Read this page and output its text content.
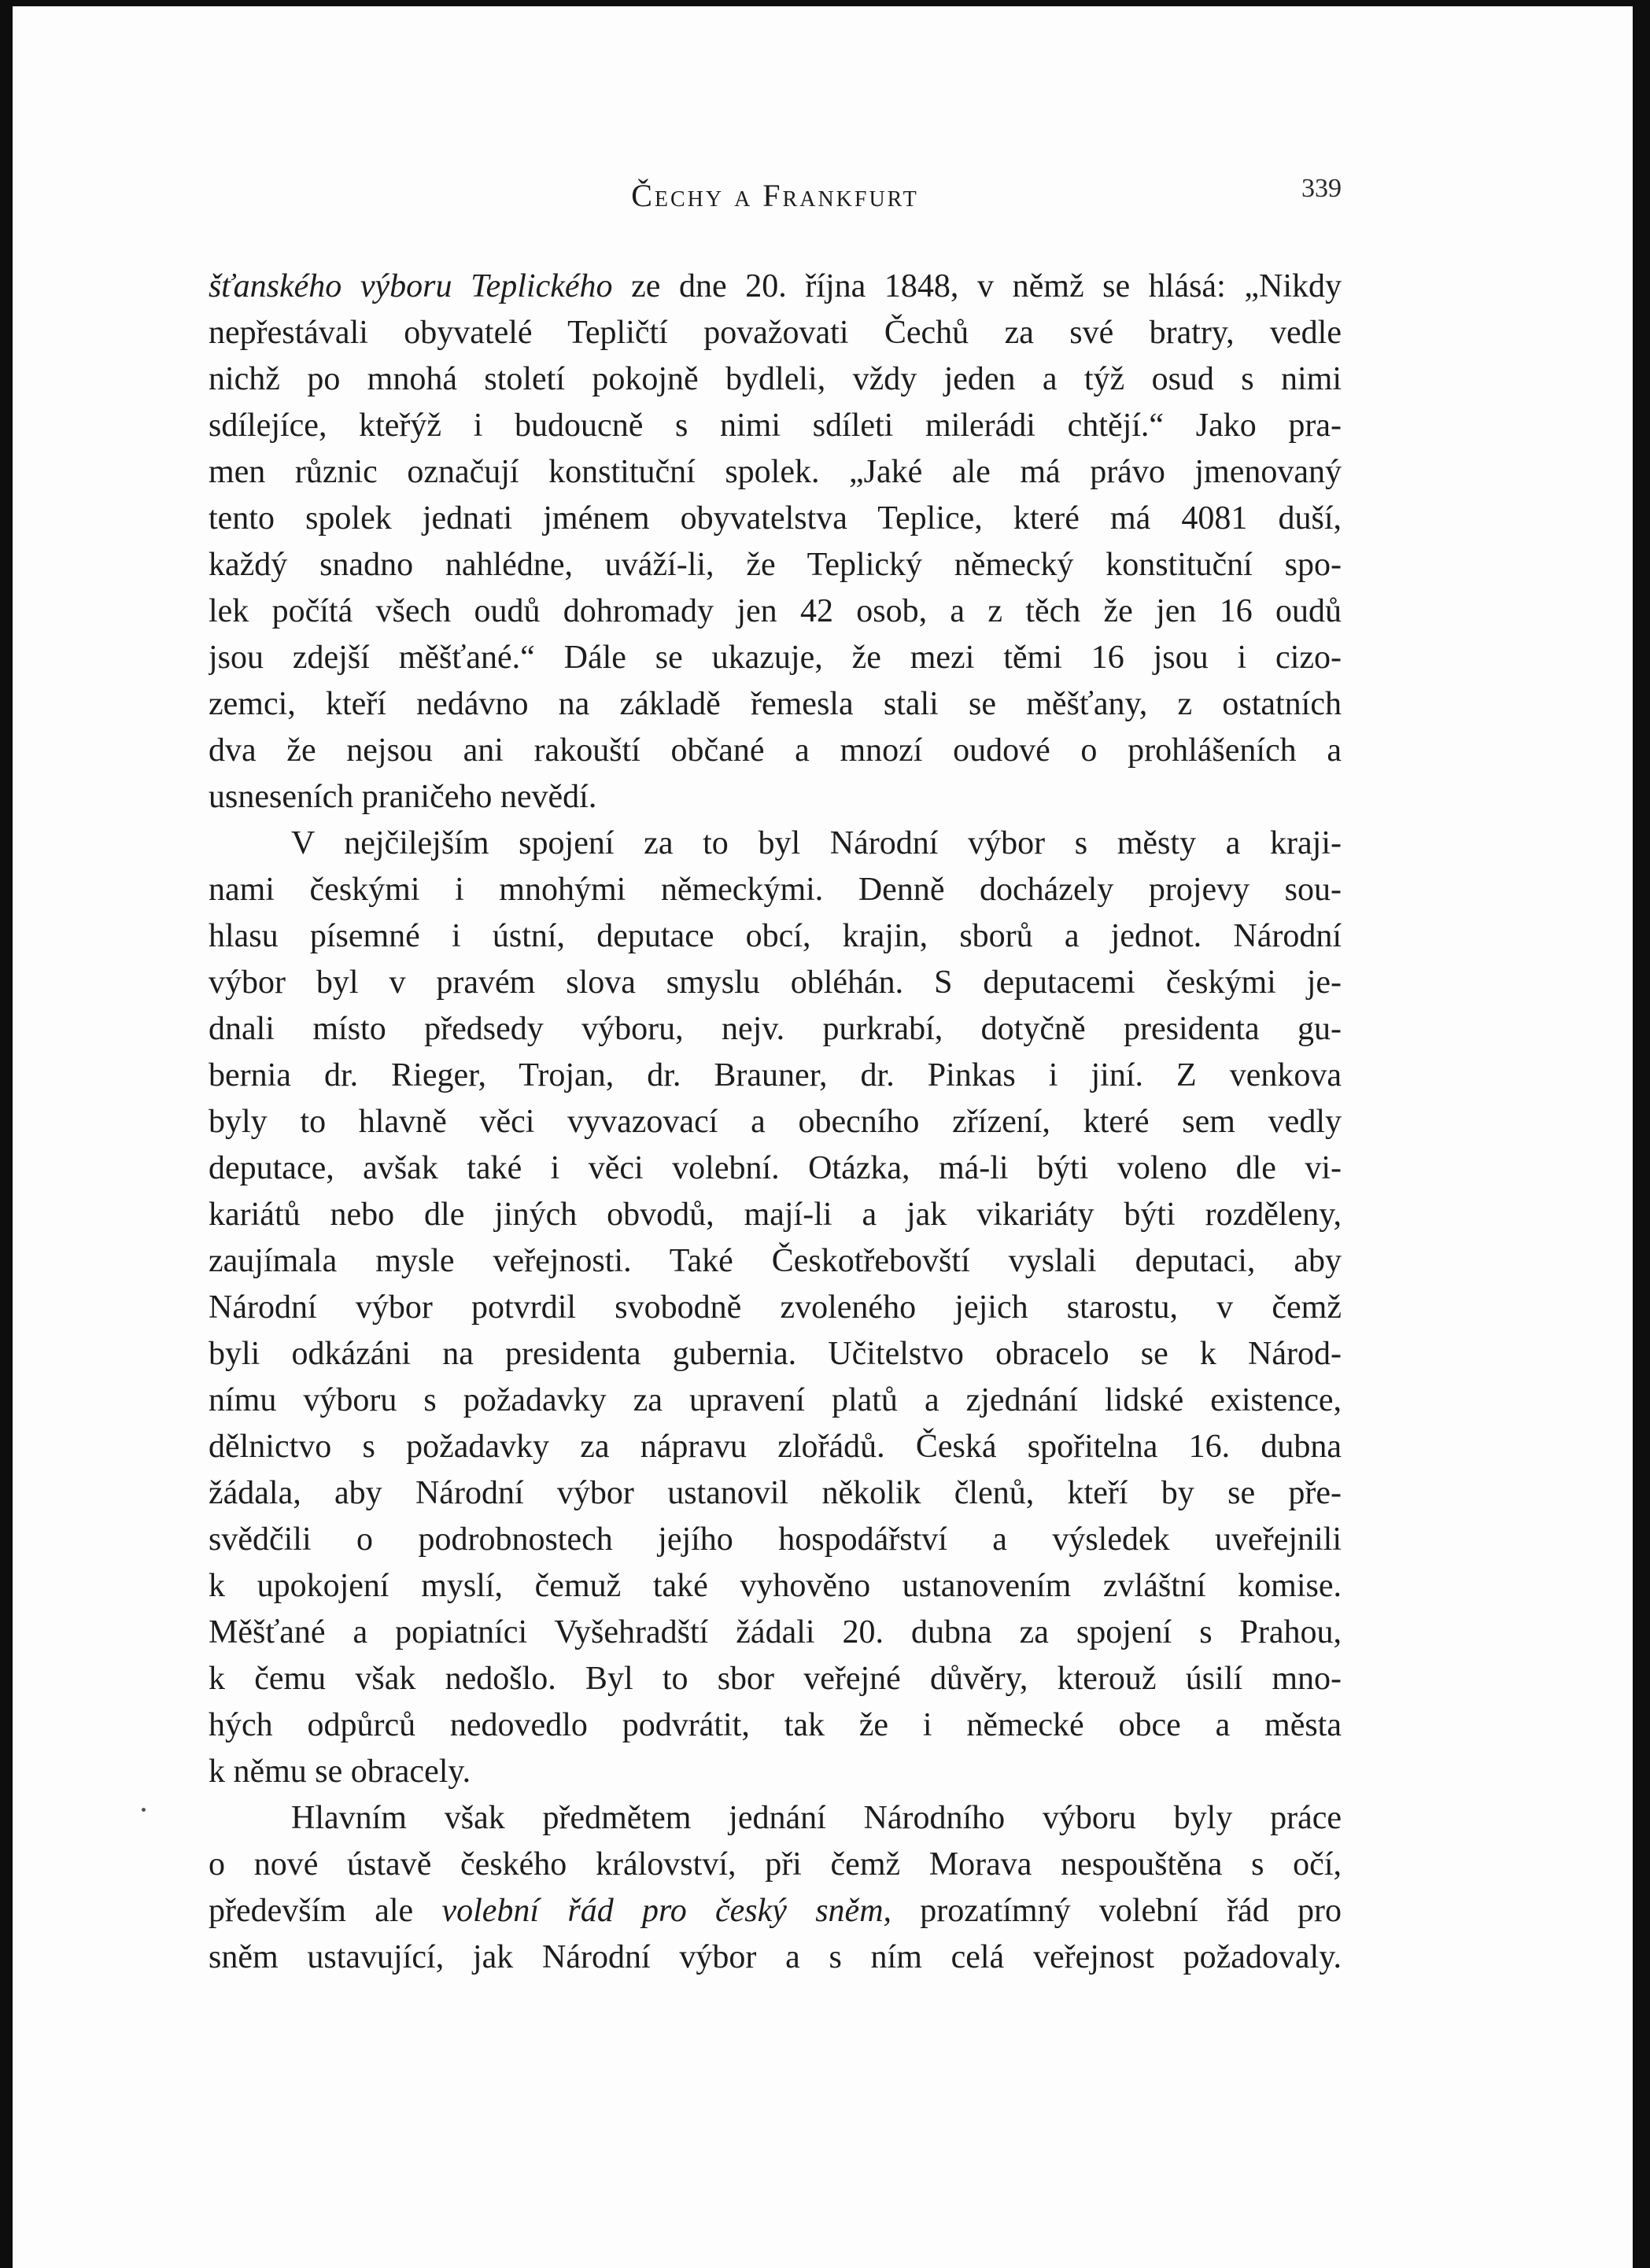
Čechy a Frankfurt	339
šťanského výboru Teplického ze dne 20. října 1848, v němž se hlásá: „Nikdy
nepřestávali obyvatelé Tepličtí považovati Čechů za své bratry, vedle
nichž po mnohá století pokojně bydleli, vždy jeden a týž osud s nimi
sdílejíce, kteřýž i budoucně s nimi sdíleti milerádi chtějí.“ Jako pra-
men různic označují konstituční spolek. „Jaké ale má právo jmenovaný
tento spolek jednati jménem obyvatelstva Teplice, které má 4081 duší,
každý snadno nahlédne, uváží-li, že Teplický německý konstituční spo-
lek počítá všech oudů dohromady jen 42 osob, a z těch že jen 16 oudů
jsou zdejší měšťané.“ Dále se ukazuje, že mezi těmi 16 jsou i cizo-
zemci, kteří nedávno na základě řemesla stali se měšťany, z ostatních
dva že nejsou ani rakouští občané a mnozí oudové o prohlášeních a
usneseních praničeho nevědí.
V nejčilejším spojení za to byl Národní výbor s městy a kraji-
nami českými i mnohými německými. Denně docházely projevy sou-
hlasu písemné i ústní, deputace obcí, krajin, sborů a jednot. Národní
výbor byl v pravém slova smyslu obléhán. S deputacemi českými je-
dnali místo předsedy výboru, nejv. purkrabí, dotyčně presidenta gu-
bernia dr. Rieger, Trojan, dr. Brauner, dr. Pinkas i jiní. Z venkova
byly to hlavně věci vyvazovací a obecního zřízení, které sem vedly
deputace, avšak také i věci volební. Otázka, má-li býti voleno dle vi-
kariátů nebo dle jiných obvodů, mají-li a jak vikariáty býti rozděleny,
zaujímala mysle veřejnosti. Také Českotřebovští vyslali deputaci, aby
Národní výbor potvrdil svobodně zvoleného jejich starostu, v čemž
byli odkázáni na presidenta gubernia. Učitelstvo obracelo se k Národ-
nímu výboru s požadavky za upravení platů a zjednání lidské existence,
dělnictvo s požadavky za nápravu zlořádů. Česká spořitelna 16. dubna
žádala, aby Národní výbor ustanovil několik členů, kteří by se pře-
svědčili o podrobnostech jejího hospodářství a výsledek uveřejnili
k upokojení myslí, čemuž také vyhověno ustanovením zvláštní komise.
Měšťané a popiatníci Vyšehradští žádali 20. dubna za spojení s Prahou,
k čemu však nedošlo. Byl to sbor veřejné důvěry, kterouž úsilí mno-
hých odpůrců nedovedlo podvrátit, tak že i německé obce a města
k němu se obracely.
Hlavním však předmětem jednání Národního výboru byly práce
o nové ústavě českého království, při čemž Morava nespouštěna s očí,
především ale volební řád pro český sněm, prozatímný volební řád pro
sněm ustavující, jak Národní výbor a s ním celá veřejnost požadovaly.
